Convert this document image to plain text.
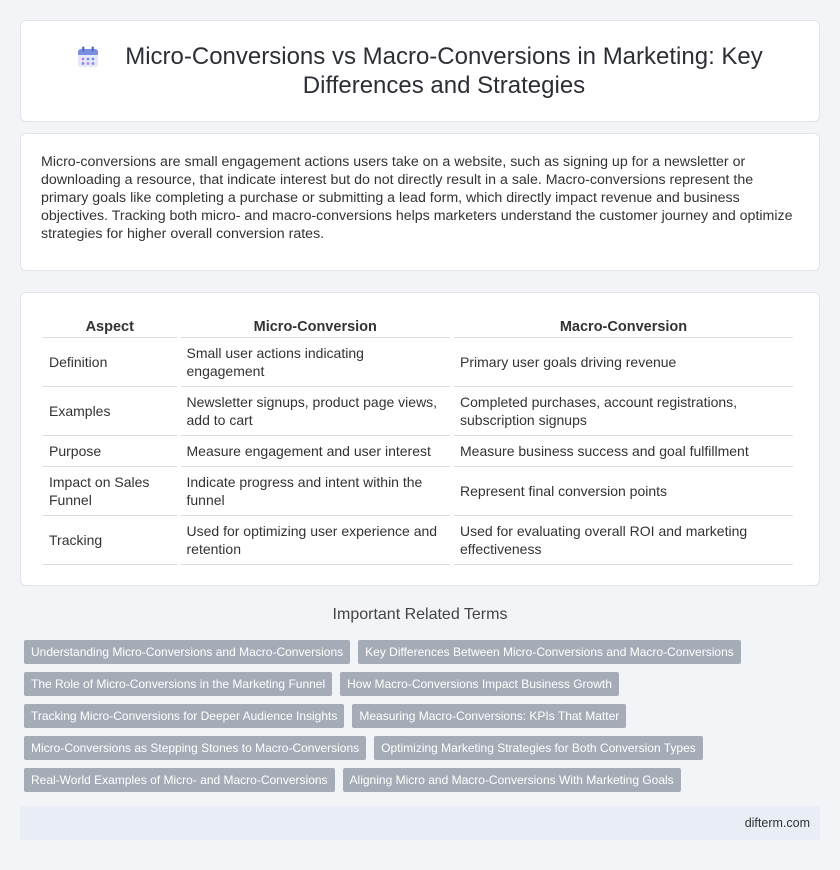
Micro-Conversions vs Macro-Conversions in Marketing: Key Differences and Strategies

Micro-conversions are small engagement actions users take on a website, such as signing up for a newsletter or downloading a resource, that indicate interest but do not directly result in a sale. Macro-conversions represent the primary goals like completing a purchase or submitting a lead form, which directly impact revenue and business objectives. Tracking both micro- and macro-conversions helps marketers understand the customer journey and optimize strategies for higher overall conversion rates.

Aspect	Micro-Conversion	Macro-Conversion
Definition	Small user actions indicating engagement	Primary user goals driving revenue
Examples	Newsletter signups, product page views, add to cart	Completed purchases, account registrations, subscription signups
Purpose	Measure engagement and user interest	Measure business success and goal fulfillment
Impact on Sales Funnel	Indicate progress and intent within the funnel	Represent final conversion points
Tracking	Used for optimizing user experience and retention	Used for evaluating overall ROI and marketing effectiveness
Important Related Terms
Understanding Micro-Conversions and Macro-Conversions	Key Differences Between Micro-Conversions and Macro-Conversions
The Role of Micro-Conversions in the Marketing Funnel	How Macro-Conversions Impact Business Growth
Tracking Micro-Conversions for Deeper Audience Insights	Measuring Macro-Conversions: KPIs That Matter
Micro-Conversions as Stepping Stones to Macro-Conversions	Optimizing Marketing Strategies for Both Conversion Types
Real-World Examples of Micro- and Macro-Conversions	Aligning Micro and Macro-Conversions With Marketing Goals
difterm.com
